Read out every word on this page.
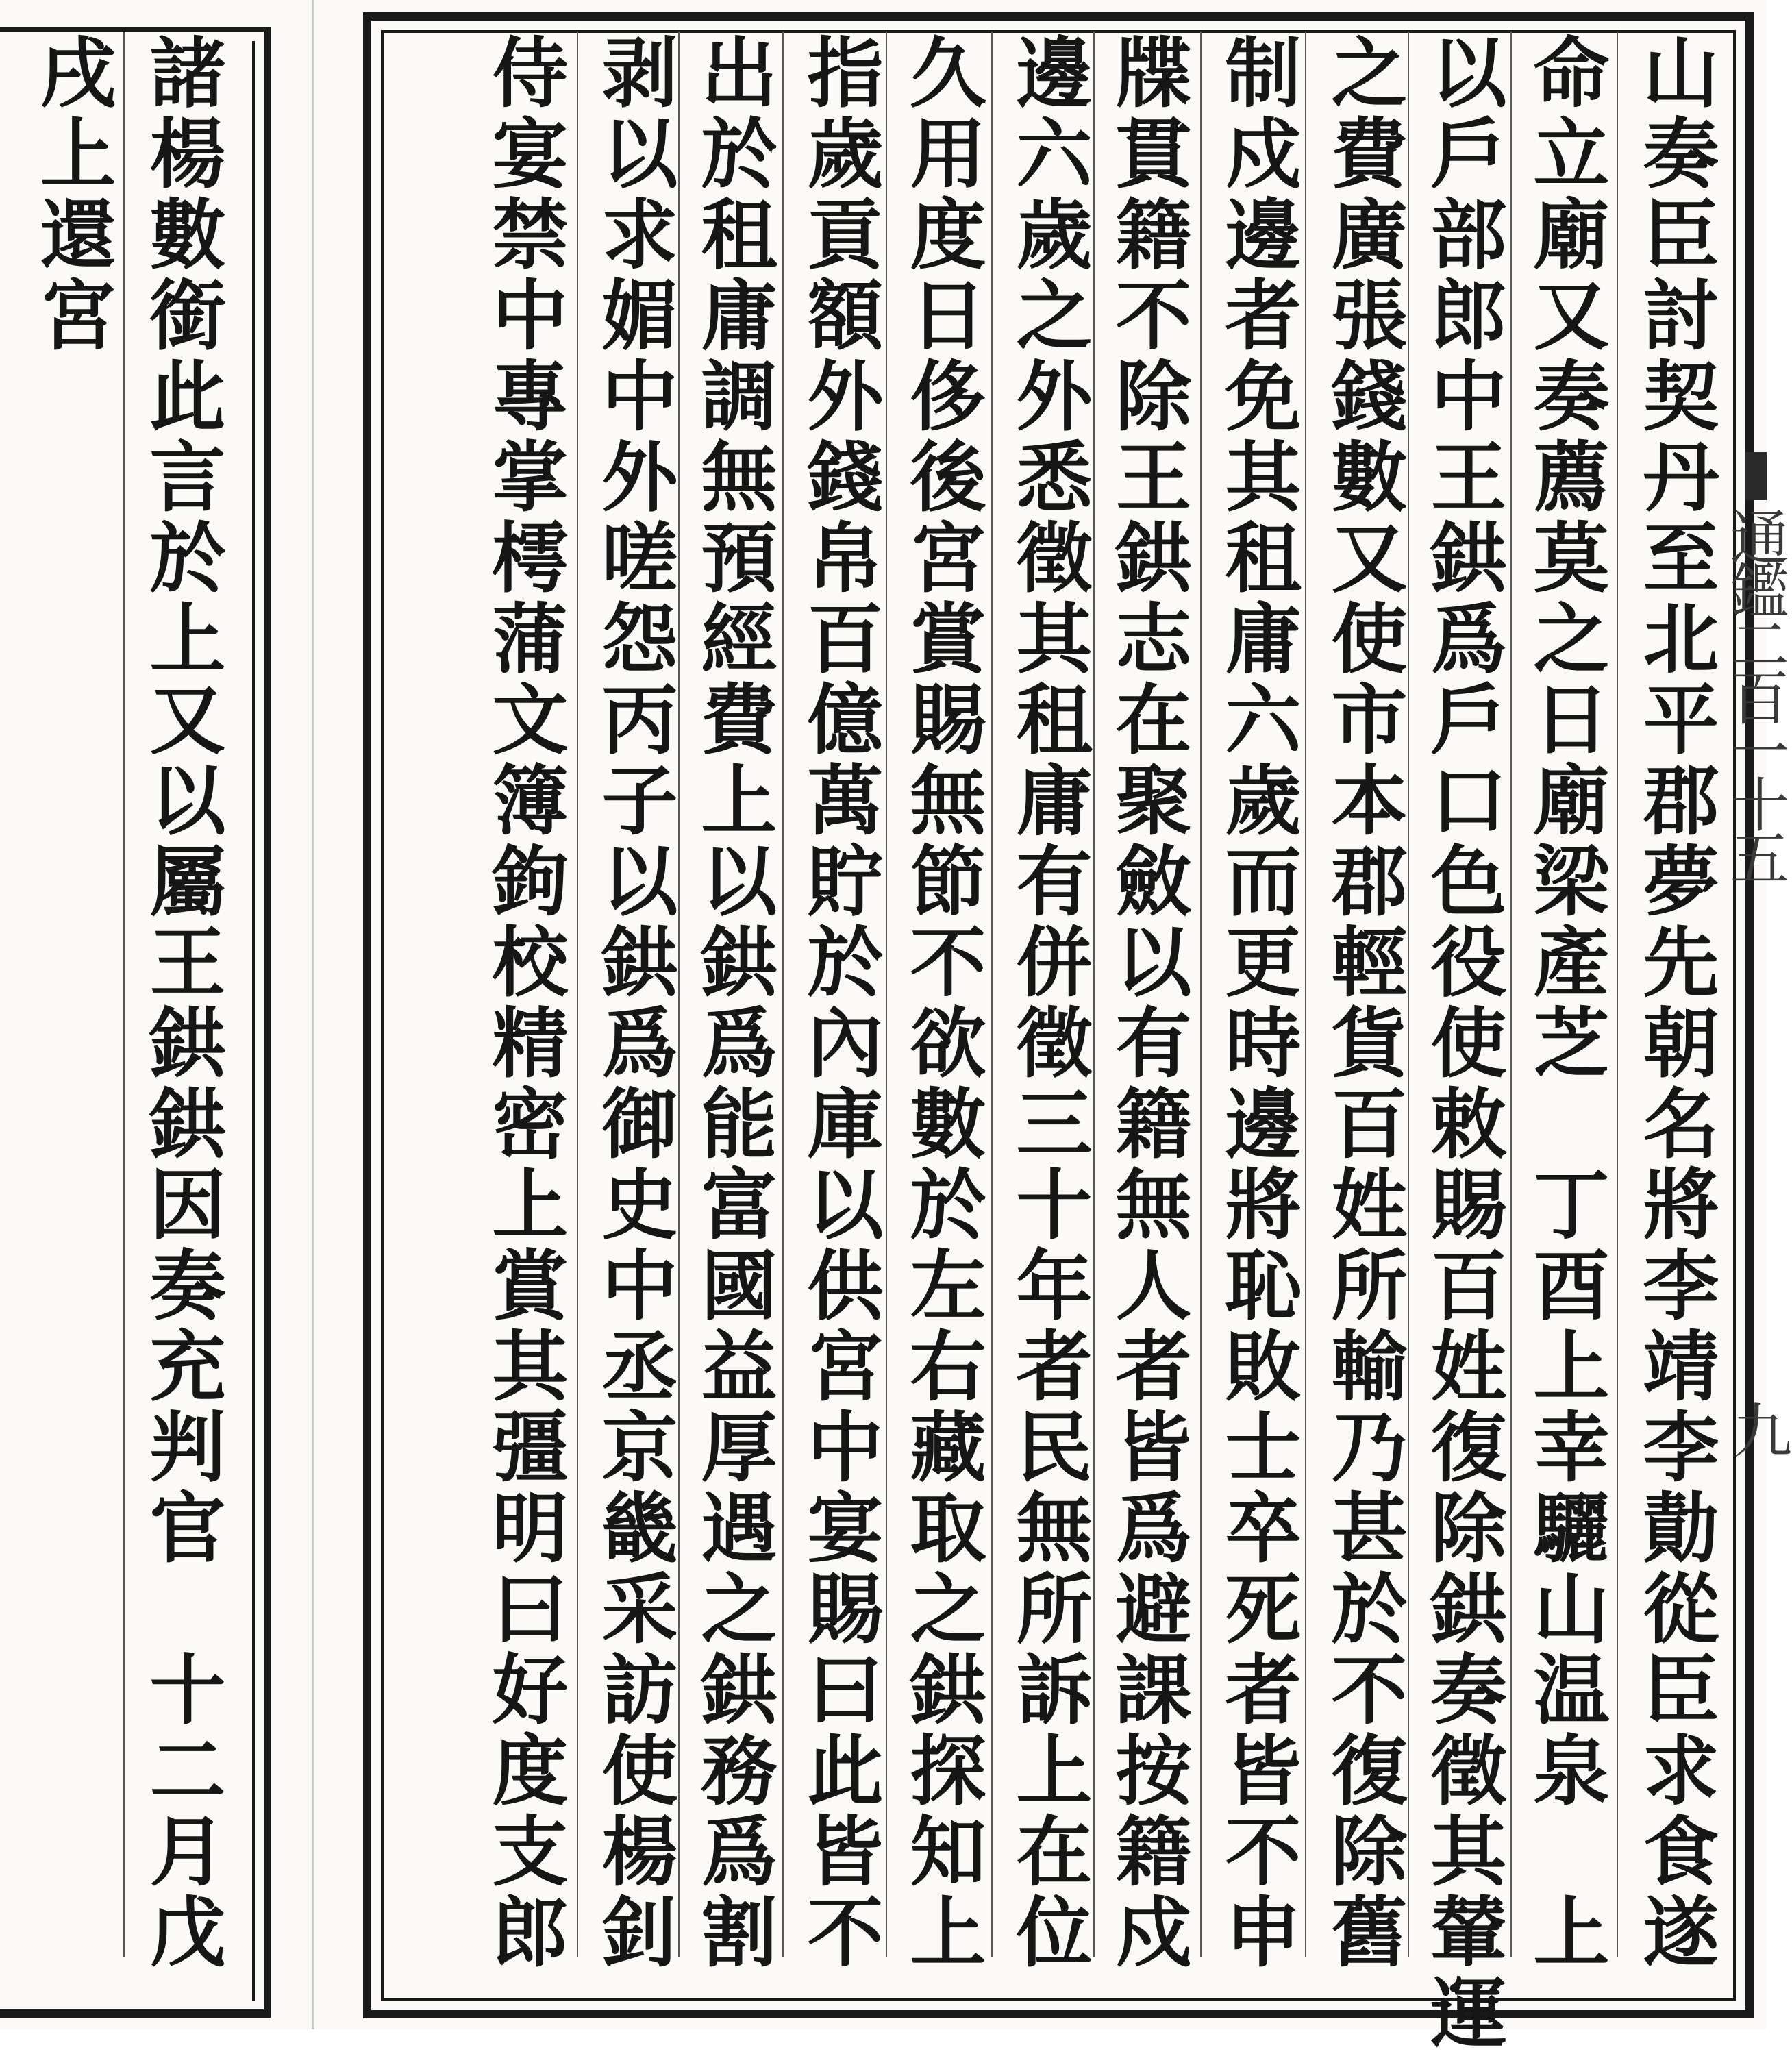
諸楊數銜此言於上又以屬王鉷鉷因奏充判官　十二月戊
戌上還宮	山奏臣討契丹至北平郡夢先朝名將李靖李勣從臣求食遂
命立廟又奏薦莫之日廟梁產芝　丁酉上幸驪山温泉　上
以戶部郎中王鉷爲戶口色役使敕賜百姓復除鉷奏徵其輦運
之費廣張錢數又使市本郡輕貨百姓所輸乃甚於不復除舊
制戍邊者免其租庸六歲而更時邊將恥敗士卒死者皆不申
牒貫籍不除王鉷志在聚斂以有籍無人者皆爲避課按籍戍
邊六歲之外悉徵其租庸有併徵三十年者民無所訴上在位
久用度日侈後宮賞賜無節不欲數於左右藏取之鉷探知上
指歲貢額外錢帛百億萬貯於內庫以供宮中宴賜曰此皆不
出於租庸調無預經費上以鉷爲能富國益厚遇之鉷務爲割
剥以求媚中外嗟怨丙子以鉷爲御史中丞京畿采訪使楊釗
侍宴禁中專掌樗蒲文簿鉤校精密上賞其彊明曰好度支郎	通鑑二百一十五
九
